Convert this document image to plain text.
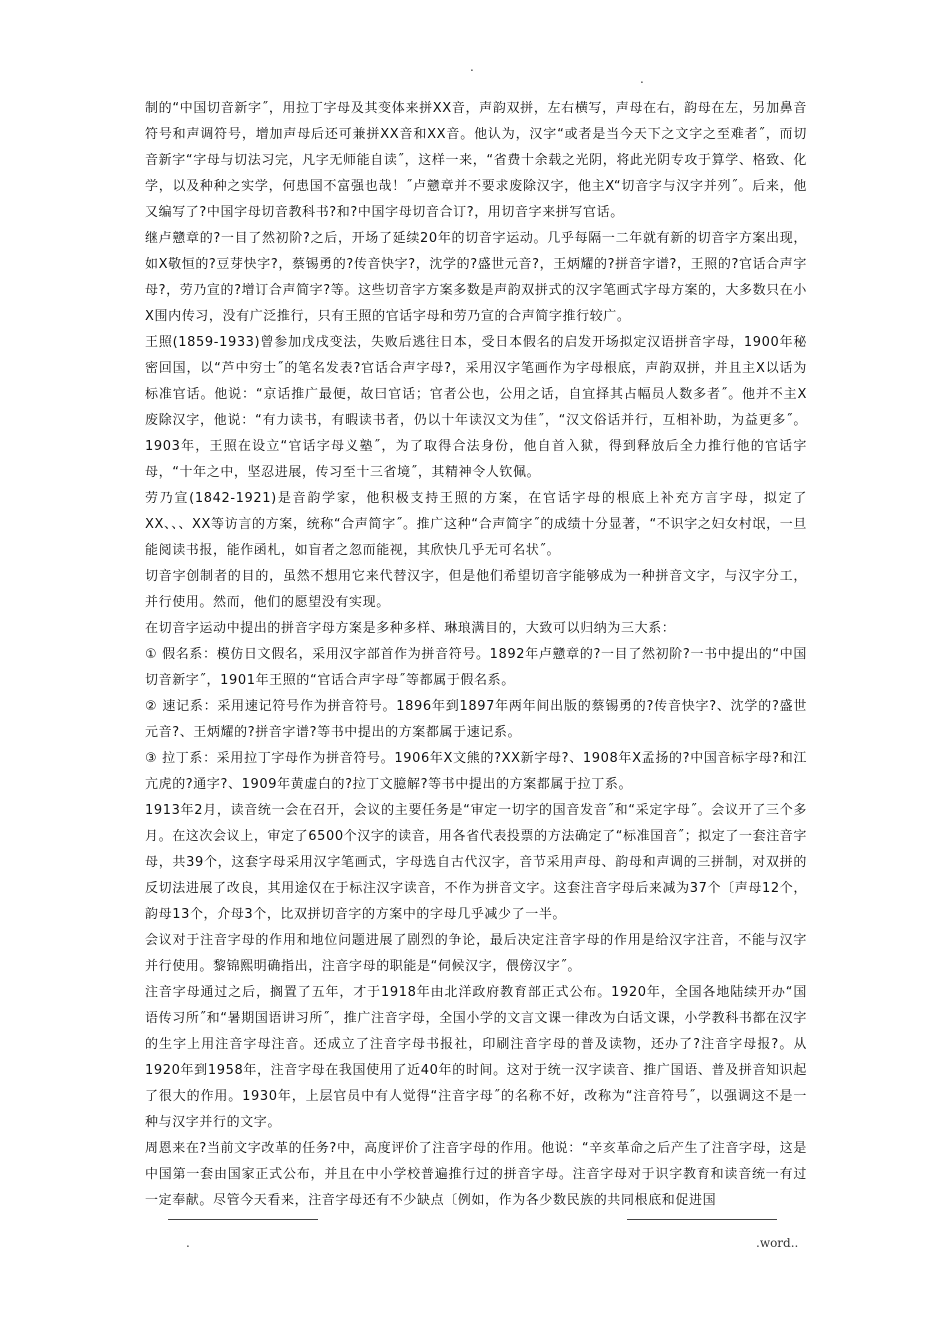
.
.

制的“中国切音新字˝，用拉丁字母及其变体来拼XX音，声韵双拼，左右横写，声母在右，韵母在左，另加鼻音符号和声调符号，增加声母后还可兼拼XX音和XX音。他认为，汉字“或者是当今天下之文字之至难者˝，而切音新字“字母与切法习完，凡字无师能自读˝，这样一来，“省费十余载之光阴，将此光阴专攻于算学、格致、化学，以及种种之实学，何患国不富强也哉！˝卢戆章并不要求废除汉字，他主X“切音字与汉字并列˝。后来，他又编写了?中国字母切音教科书?和?中国字母切音合订?，用切音字来拼写官话。

继卢戆章的?一目了然初阶?之后，开场了延续20年的切音字运动。几乎每隔一二年就有新的切音字方案出现，如X敬恒的?豆芽快字?，蔡锡勇的?传音快字?，沈学的?盛世元音?，王炳耀的?拼音字谱?，王照的?官话合声字母?，劳乃宣的?增订合声简字?等。这些切音字方案多数是声韵双拼式的汉字笔画式字母方案的，大多数只在小X围内传习，没有广泛推行，只有王照的官话字母和劳乃宣的合声简字推行较广。

王照(1859-1933)曾参加戊戌变法，失败后逃往日本，受日本假名的启发开场拟定汉语拼音字母，1900年秘密回国，以“芦中穷士˝的笔名发表?官话合声字母?，采用汉字笔画作为字母根底，声韵双拼，并且主X以话为标准官话。他说：“京话推广最便，故曰官话；官者公也，公用之话，自宜择其占幅员人数多者˝。他并不主X废除汉字，他说：“有力读书，有暇读书者，仍以十年读汉文为佳˝，“汉文俗话并行，互相补助，为益更多˝。1903年，王照在设立“官话字母义塾˝，为了取得合法身份，他自首入狱，得到释放后全力推行他的官话字母，“十年之中，坚忍进展，传习至十三省境˝，其精神令人钦佩。

劳乃宣(1842-1921)是音韵学家，他积极支持王照的方案，在官话字母的根底上补充方言字母，拟定了XX、、、XX等访言的方案，统称“合声简字˝。推广这种“合声简字˝的成绩十分显著，“不识字之妇女村氓，一旦能阅读书报，能作函札，如盲者之忽而能视，其欣快几乎无可名状˝。

切音字创制者的目的，虽然不想用它来代替汉字，但是他们希望切音字能够成为一种拼音文字，与汉字分工，并行使用。然而，他们的愿望没有实现。

在切音字运动中提出的拼音字母方案是多种多样、琳琅满目的，大致可以归纳为三大系：

① 假名系：模仿日文假名，采用汉字部首作为拼音符号。1892年卢戆章的?一目了然初阶?一书中提出的“中国切音新字˝，1901年王照的“官话合声字母˝等都属于假名系。

② 速记系：采用速记符号作为拼音符号。1896年到1897年两年间出版的蔡锡勇的?传音快字?、沈学的?盛世元音?、王炳耀的?拼音字谱?等书中提出的方案都属于速记系。

③ 拉丁系：采用拉丁字母作为拼音符号。1906年X文熊的?XX新字母?、1908年X孟扬的?中国音标字母?和江亢虎的?通字?、1909年黄虚白的?拉丁文臆解?等书中提出的方案都属于拉丁系。

1913年2月，读音统一会在召开，会议的主要任务是“审定一切字的国音发音˝和“采定字母˝。会议开了三个多月。在这次会议上，审定了6500个汉字的读音，用各省代表投票的方法确定了“标准国音˝；拟定了一套注音字母，共39个，这套字母采用汉字笔画式，字母选自古代汉字，音节采用声母、韵母和声调的三拼制，对双拼的反切法进展了改良，其用途仅在于标注汉字读音，不作为拼音文字。这套注音字母后来减为37个〔声母12个，韵母13个，介母3个，比双拼切音字的方案中的字母几乎减少了一半。

会议对于注音字母的作用和地位问题进展了剧烈的争论，最后决定注音字母的作用是给汉字注音，不能与汉字并行使用。黎锦熙明确指出，注音字母的职能是“伺候汉字，偎傍汉字˝。

注音字母通过之后，搁置了五年，才于1918年由北洋政府教育部正式公布。1920年，全国各地陆续开办“国语传习所˝和“暑期国语讲习所˝，推广注音字母，全国小学的文言文课一律改为白话文课，小学教科书都在汉字的生字上用注音字母注音。还成立了注音字母书报社，印刷注音字母的普及读物，还办了?注音字母报?。从1920年到1958年，注音字母在我国使用了近40年的时间。这对于统一汉字读音、推广国语、普及拼音知识起了很大的作用。1930年，上层官员中有人觉得“注音字母˝的名称不好，改称为“注音符号˝，以强调这不是一种与汉字并行的文字。

周恩来在?当前文字改革的任务?中，高度评价了注音字母的作用。他说：“辛亥革命之后产生了注音字母，这是中国第一套由国家正式公布，并且在中小学校普遍推行过的拼音字母。注音字母对于识字教育和读音统一有过一定奉献。尽管今天看来，注音字母还有不少缺点〔例如，作为各少数民族的共同根底和促进国

.	.word..
